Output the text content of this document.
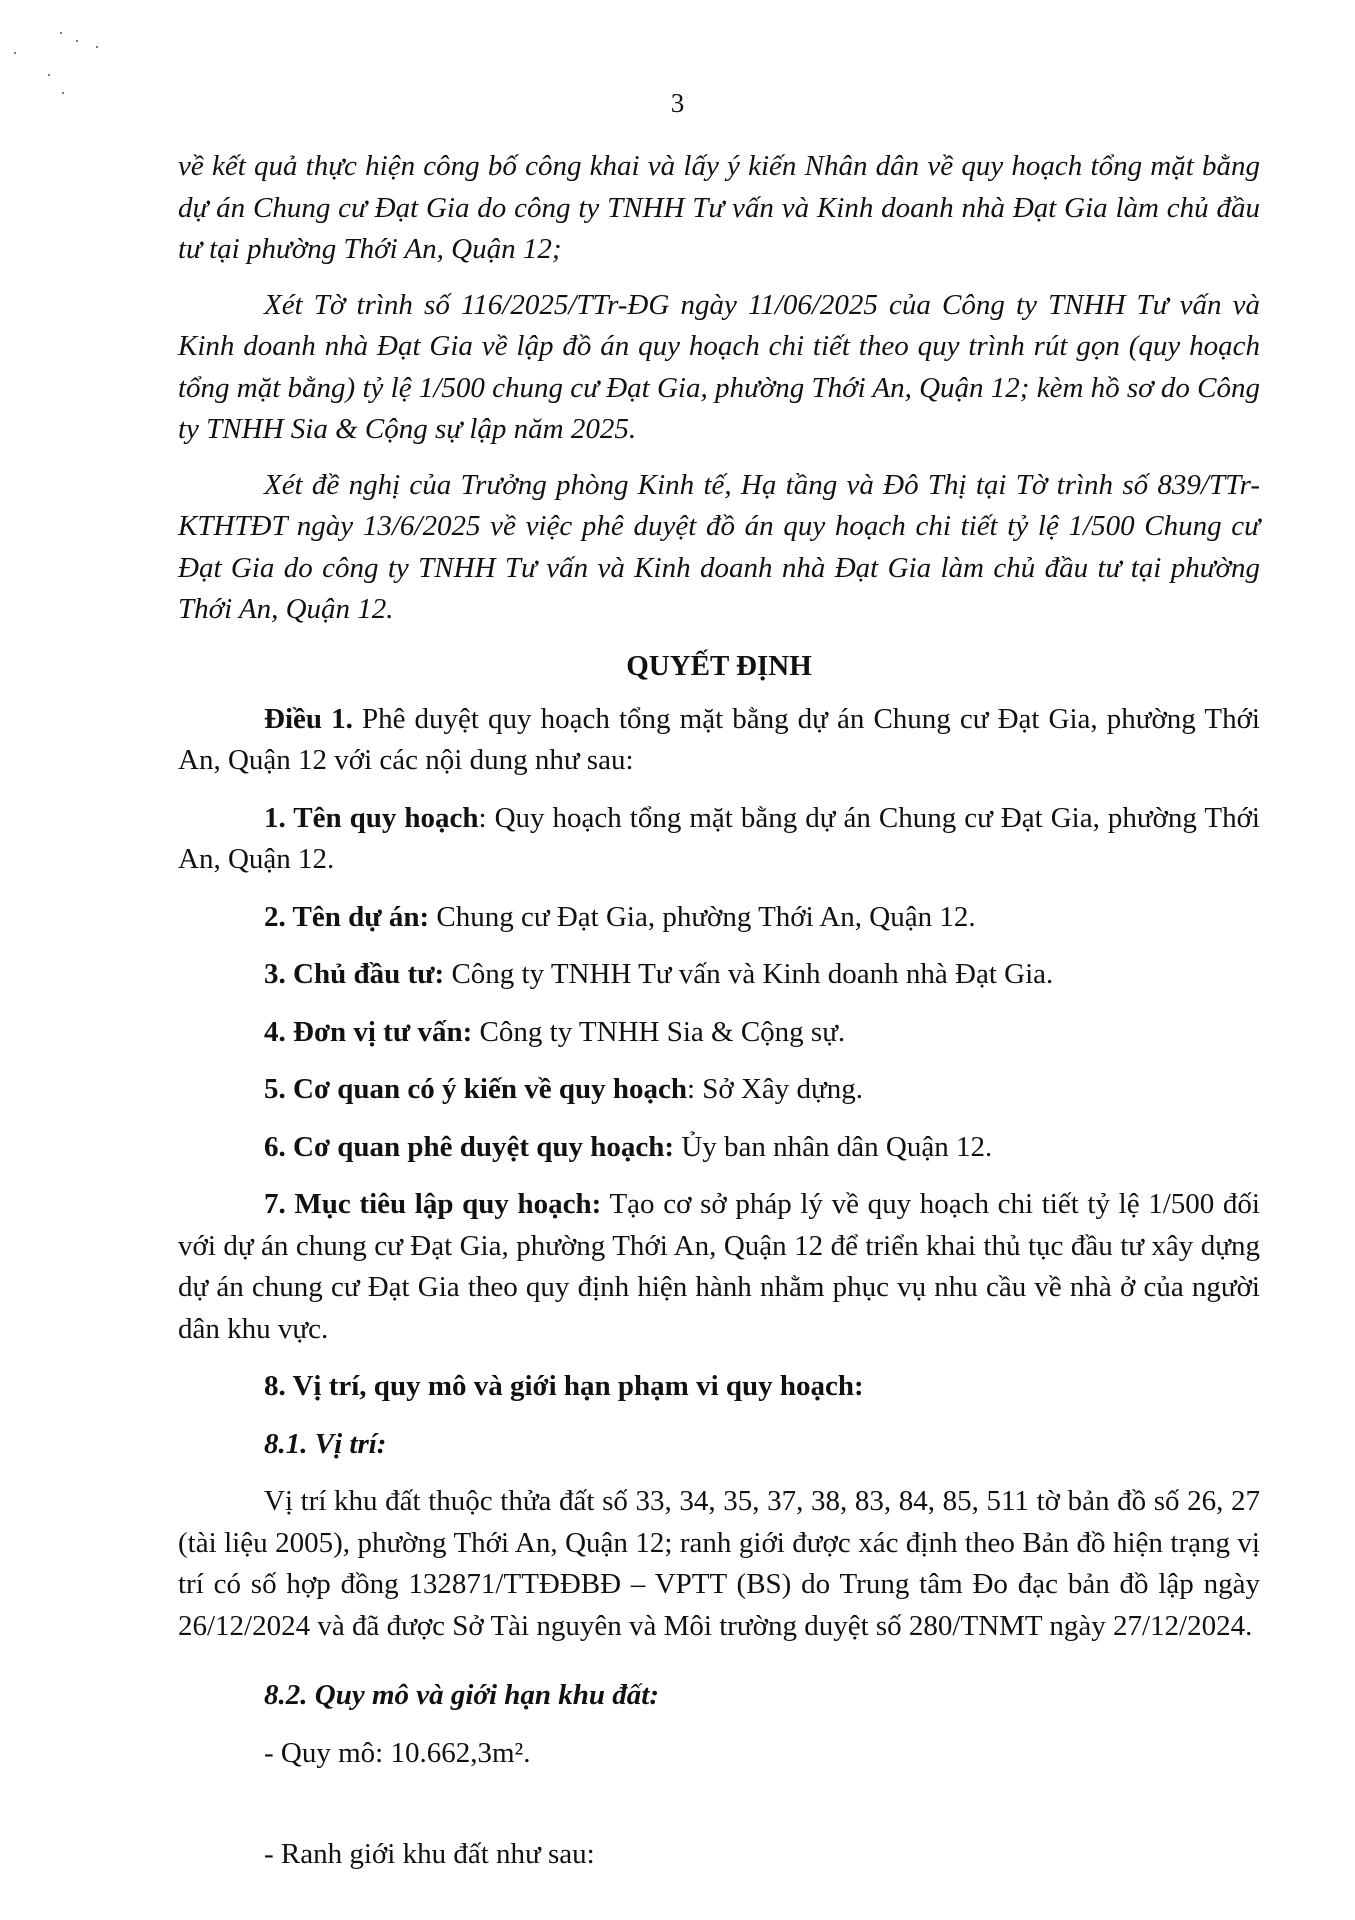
3

về kết quả thực hiện công bố công khai và lấy ý kiến Nhân dân về quy hoạch tổng mặt bằng dự án Chung cư Đạt Gia do công ty TNHH Tư vấn và Kinh doanh nhà Đạt Gia làm chủ đầu tư tại phường Thới An, Quận 12;

Xét Tờ trình số 116/2025/TTr-ĐG ngày 11/06/2025 của Công ty TNHH Tư vấn và Kinh doanh nhà Đạt Gia về lập đồ án quy hoạch chi tiết theo quy trình rút gọn (quy hoạch tổng mặt bằng) tỷ lệ 1/500 chung cư Đạt Gia, phường Thới An, Quận 12; kèm hồ sơ do Công ty TNHH Sia & Cộng sự lập năm 2025.

Xét đề nghị của Trưởng phòng Kinh tế, Hạ tầng và Đô Thị tại Tờ trình số 839/TTr-KTHTĐT ngày 13/6/2025 về việc phê duyệt đồ án quy hoạch chi tiết tỷ lệ 1/500 Chung cư Đạt Gia do công ty TNHH Tư vấn và Kinh doanh nhà Đạt Gia làm chủ đầu tư tại phường Thới An, Quận 12.

QUYẾT ĐỊNH

Điều 1. Phê duyệt quy hoạch tổng mặt bằng dự án Chung cư Đạt Gia, phường Thới An, Quận 12 với các nội dung như sau:

1. Tên quy hoạch: Quy hoạch tổng mặt bằng dự án Chung cư Đạt Gia, phường Thới An, Quận 12.

2. Tên dự án: Chung cư Đạt Gia, phường Thới An, Quận 12.

3. Chủ đầu tư: Công ty TNHH Tư vấn và Kinh doanh nhà Đạt Gia.

4. Đơn vị tư vấn: Công ty TNHH Sia & Cộng sự.

5. Cơ quan có ý kiến về quy hoạch: Sở Xây dựng.

6. Cơ quan phê duyệt quy hoạch: Ủy ban nhân dân Quận 12.

7. Mục tiêu lập quy hoạch: Tạo cơ sở pháp lý về quy hoạch chi tiết tỷ lệ 1/500 đối với dự án chung cư Đạt Gia, phường Thới An, Quận 12 để triển khai thủ tục đầu tư xây dựng dự án chung cư Đạt Gia theo quy định hiện hành nhằm phục vụ nhu cầu về nhà ở của người dân khu vực.

8. Vị trí, quy mô và giới hạn phạm vi quy hoạch:

8.1. Vị trí:

Vị trí khu đất thuộc thửa đất số 33, 34, 35, 37, 38, 83, 84, 85, 511 tờ bản đồ số 26, 27 (tài liệu 2005), phường Thới An, Quận 12; ranh giới được xác định theo Bản đồ hiện trạng vị trí có số hợp đồng 132871/TTĐĐBĐ – VPTT (BS) do Trung tâm Đo đạc bản đồ lập ngày 26/12/2024 và đã được Sở Tài nguyên và Môi trường duyệt số 280/TNMT ngày 27/12/2024.

8.2. Quy mô và giới hạn khu đất:

- Quy mô: 10.662,3m².

- Ranh giới khu đất như sau:
